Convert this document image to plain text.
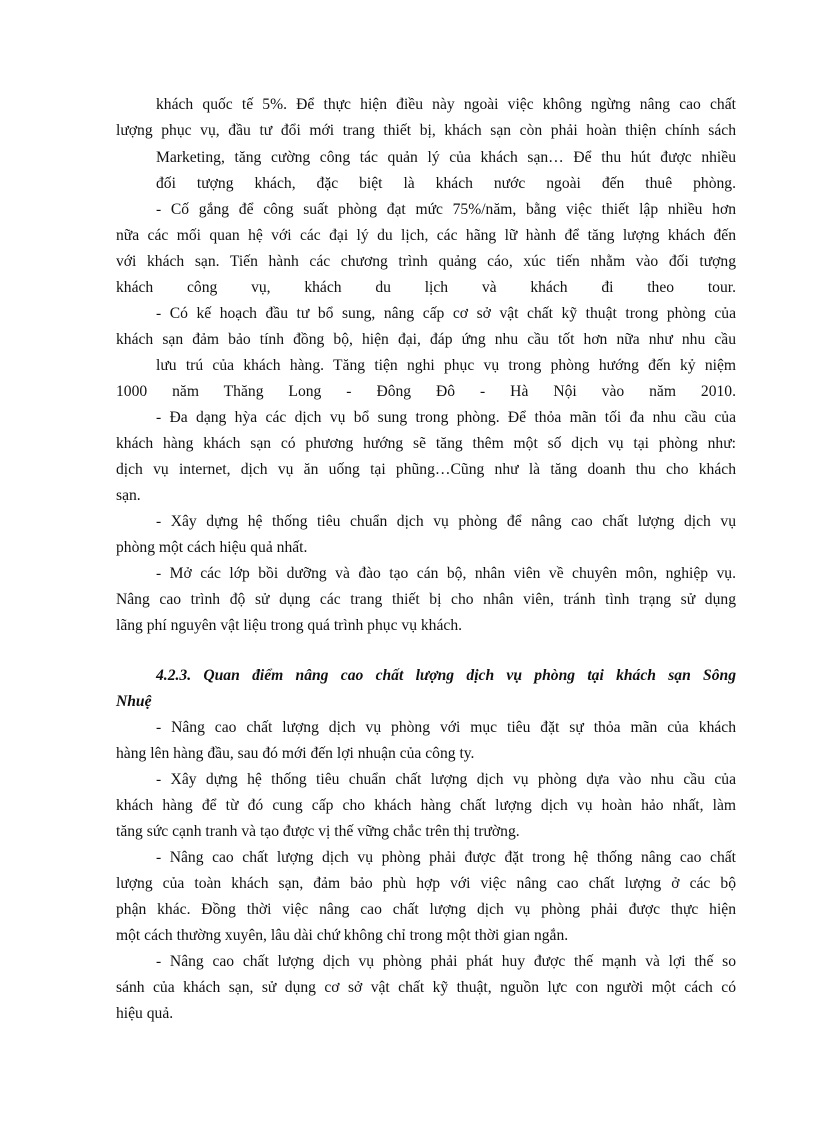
khách quốc tế 5%. Để thực hiện điều này ngoài việc không ngừng nâng cao chất
lượng phục vụ, đầu tư đổi mới trang thiết bị, khách sạn còn phải hoàn thiện chính sách
Marketing, tăng cường công tác quản lý của khách sạn… Để thu hút được nhiều
đối tượng khách, đặc biệt là khách nước ngoài đến thuê phòng.
- Cố gắng để công suất phòng đạt mức 75%/năm, bằng việc thiết lập nhiều hơn
nữa các mối quan hệ với các đại lý du lịch, các hãng lữ hành để tăng lượng khách đến
với khách sạn. Tiến hành các chương trình quảng cáo, xúc tiến nhằm vào đối tượng
khách công vụ, khách du lịch và khách đi theo tour.
- Có kế hoạch đầu tư bổ sung, nâng cấp cơ sở vật chất kỹ thuật trong phòng của
khách sạn đảm bảo tính đồng bộ, hiện đại, đáp ứng nhu cầu tốt hơn nữa như nhu cầu
lưu trú của khách hàng. Tăng tiện nghi phục vụ trong phòng hướng đến kỷ niệm
1000 năm Thăng Long - Đông Đô - Hà Nội vào năm 2010.
- Đa dạng hỳa các dịch vụ bổ sung trong phòng. Để thỏa mãn tối đa nhu cầu của
khách hàng khách sạn có phương hướng sẽ tăng thêm một số dịch vụ tại phòng như:
dịch vụ internet, dịch vụ ăn uống tại phũng…Cũng như là tăng doanh thu cho khách
sạn.
- Xây dựng hệ thống tiêu chuẩn dịch vụ phòng để nâng cao chất lượng dịch vụ
phòng một cách hiệu quả nhất.
- Mở các lớp bồi dưỡng và đào tạo cán bộ, nhân viên về chuyên môn, nghiệp vụ.
Nâng cao trình độ sử dụng các trang thiết bị cho nhân viên, tránh tình trạng sử dụng
lãng phí nguyên vật liệu trong quá trình phục vụ khách.
4.2.3. Quan điểm nâng cao chất lượng dịch vụ phòng tại khách sạn Sông
Nhuệ
- Nâng cao chất lượng dịch vụ phòng với mục tiêu đặt sự thỏa mãn của khách
hàng lên hàng đầu, sau đó mới đến lợi nhuận của công ty.
- Xây dựng hệ thống tiêu chuẩn chất lượng dịch vụ phòng dựa vào nhu cầu của
khách hàng để từ đó cung cấp cho khách hàng chất lượng dịch vụ hoàn hảo nhất, làm
tăng sức cạnh tranh và tạo được vị thế vững chắc trên thị trường.
- Nâng cao chất lượng dịch vụ phòng phải được đặt trong hệ thống nâng cao chất
lượng của toàn khách sạn, đảm bảo phù hợp với việc nâng cao chất lượng ở các bộ
phận khác. Đồng thời việc nâng cao chất lượng dịch vụ phòng phải được thực hiện
một cách thường xuyên, lâu dài chứ không chỉ trong một thời gian ngắn.
- Nâng cao chất lượng dịch vụ phòng phải phát huy được thế mạnh và lợi thế so
sánh của khách sạn, sử dụng cơ sở vật chất kỹ thuật, nguồn lực con người một cách có
hiệu quả.
